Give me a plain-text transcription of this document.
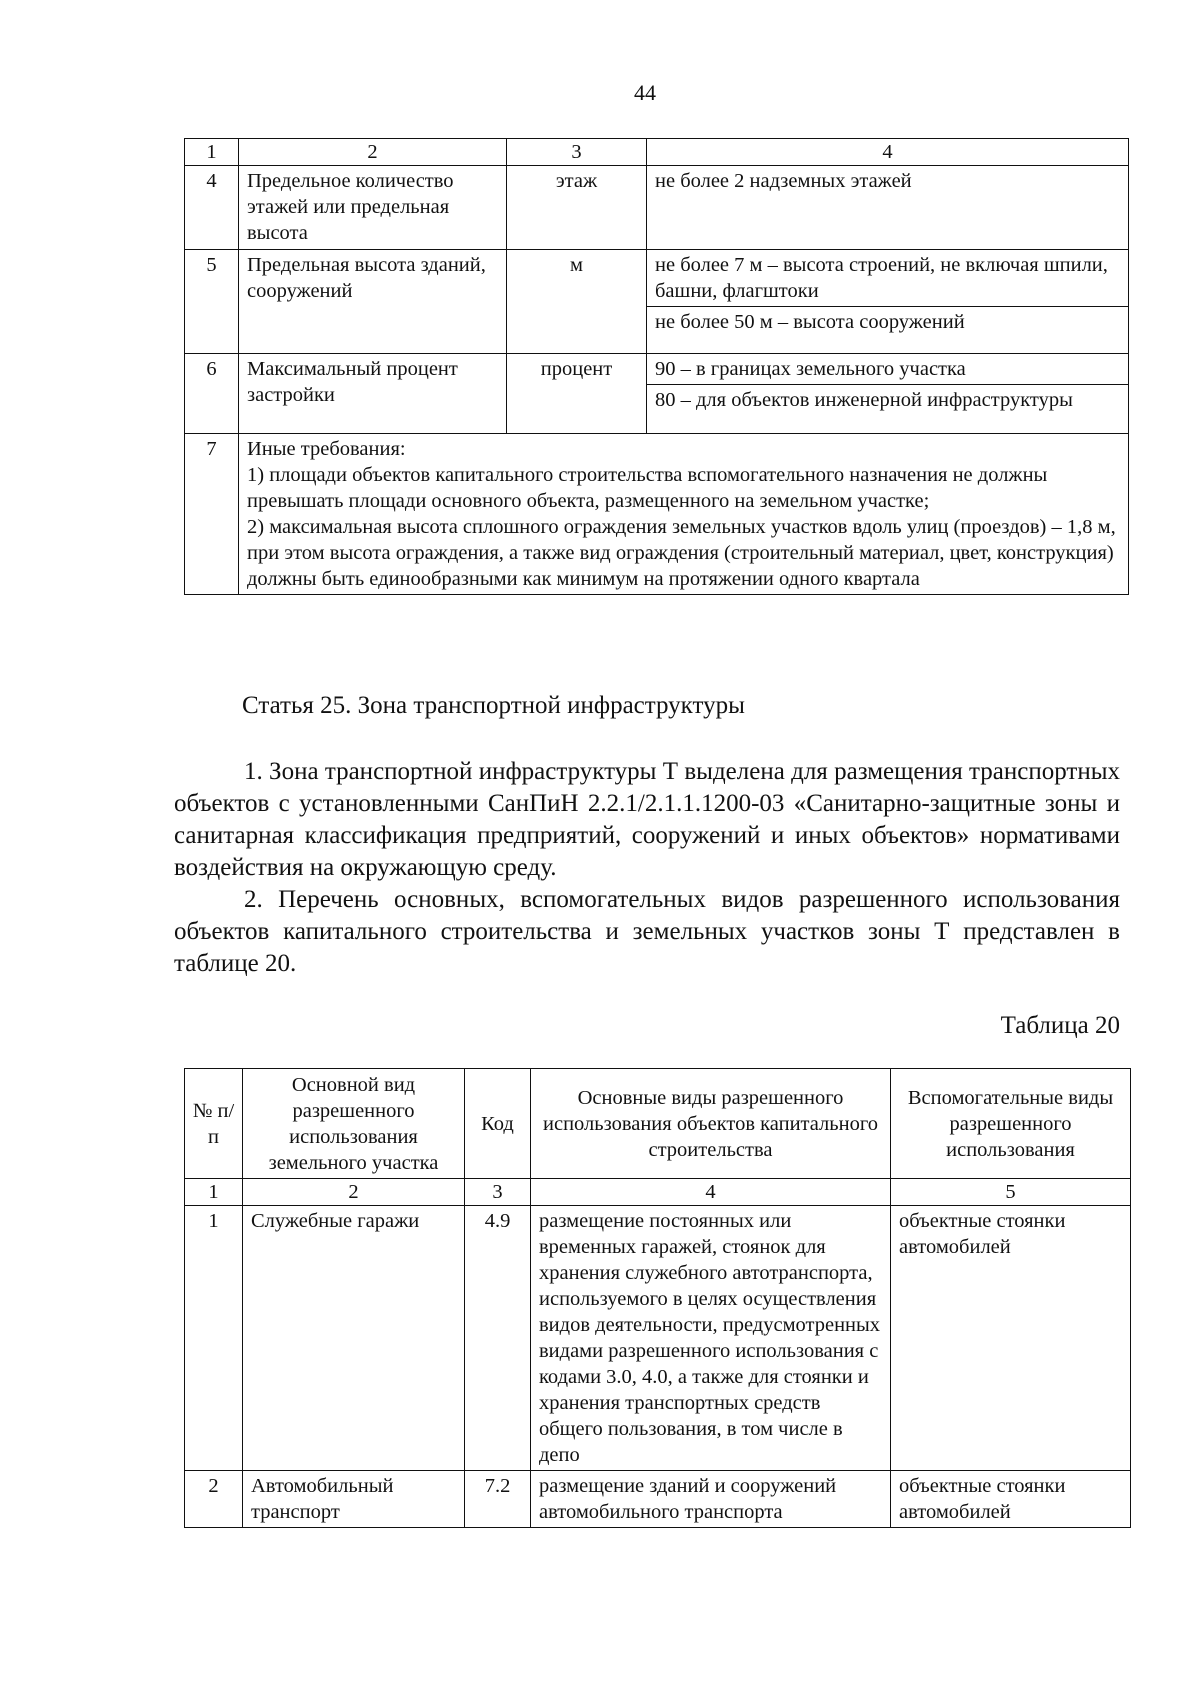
44
1	2	3	4
4	Предельное количество этажей или предельная высота	этаж	не более 2 надземных этажей
5	Предельная высота зданий, сооружений	м	не более 7 м – высота строений, не включая шпили, башни, флагштоки
не более 50 м – высота сооружений

6	Максимальный процент застройки	процент	90 – в границах земельного участка
80 – для объектов инженерной инфраструктуры

7	Иные требования:
1) площади объектов капитального строительства вспомогательного назначения не должны превышать площади основного объекта, размещенного на земельном участке;
2) максимальная высота сплошного ограждения земельных участков вдоль улиц (проездов) – 1,8 м, при этом высота ограждения, а также вид ограждения (строительный материал, цвет, конструкция) должны быть единообразными как минимум на протяжении одного квартала		
Статья 25. Зона транспортной инфраструктуры

1. Зона транспортной инфраструктуры Т выделена для размещения транспортных объектов с установленными СанПиН 2.2.1/2.1.1.1200-03 «Санитарно-защитные зоны и санитарная классификация предприятий, сооружений и иных объектов» нормативами воздействия на окружающую среду.

2. Перечень основных, вспомогательных видов разрешенного использования объектов капитального строительства и земельных участков зоны Т представлен в таблице 20.

Таблица 20
№ п/п	Основной вид разрешенного использования земельного участка	Код	Основные виды разрешенного использования объектов капитального строительства	Вспомогательные виды разрешенного использования
1	2	3	4	5
1	Служебные гаражи	4.9	размещение постоянных или временных гаражей, стоянок для хранения служебного автотранспорта, используемого в целях осуществления видов деятельности, предусмотренных видами разрешенного использования с кодами 3.0, 4.0, а также для стоянки и хранения транспортных средств общего пользования, в том числе в депо	объектные стоянки автомобилей
2	Автомобильный транспорт	7.2	размещение зданий и сооружений автомобильного транспорта	объектные стоянки автомобилей
